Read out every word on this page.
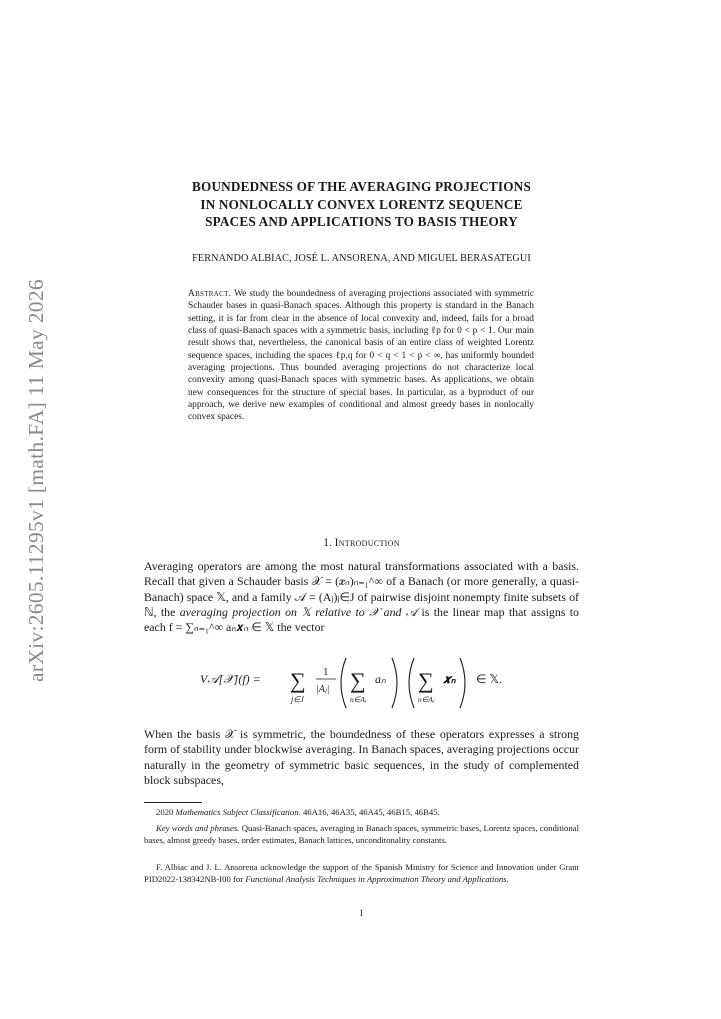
arXiv:2605.11295v1 [math.FA] 11 May 2026
BOUNDEDNESS OF THE AVERAGING PROJECTIONS
IN NONLOCALLY CONVEX LORENTZ SEQUENCE
SPACES AND APPLICATIONS TO BASIS THEORY
FERNANDO ALBIAC, JOSÉ L. ANSORENA, AND MIGUEL BERASATEGUI
Abstract. We study the boundedness of averaging projections associated with symmetric Schauder bases in quasi-Banach spaces. Although this property is standard in the Banach setting, it is far from clear in the absence of local convexity and, indeed, fails for a broad class of quasi-Banach spaces with a symmetric basis, including ℓp for 0 < p < 1. Our main result shows that, nevertheless, the canonical basis of an entire class of weighted Lorentz sequence spaces, including the spaces ℓp,q for 0 < q < 1 < p < ∞, has uniformly bounded averaging projections. Thus bounded averaging projections do not characterize local convexity among quasi-Banach spaces with symmetric bases. As applications, we obtain new consequences for the structure of special bases. In particular, as a byproduct of our approach, we derive new examples of conditional and almost greedy bases in nonlocally convex spaces.
1. Introduction
Averaging operators are among the most natural transformations associated with a basis. Recall that given a Schauder basis 𝒳 = (𝒙ₙ)ₙ₌₁^∞ of a Banach (or more generally, a quasi-Banach) space 𝕏, and a family 𝒜 = (Aⱼ)ⱼ∈J of pairwise disjoint nonempty finite subsets of ℕ, the averaging projection on 𝕏 relative to 𝒳 and 𝒜 is the linear map that assigns to each f = ∑ₙ₌₁^∞ aₙ𝒙ₙ ∈ 𝕏 the vector
V𝒜[𝒳](f) = ∑
j∈J
1
|Aⱼ| ∑
n∈Aⱼ
aₙ ∑
n∈Aⱼ
𝒙ₙ ∈ 𝕏.
When the basis 𝒳 is symmetric, the boundedness of these operators expresses a strong form of stability under blockwise averaging. In Banach spaces, averaging projections occur naturally in the geometry of symmetric basic sequences, in the study of complemented block subspaces,
2020 Mathematics Subject Classification. 46A16, 46A35, 46A45, 46B15, 46B45.
Key words and phrases. Quasi-Banach spaces, averaging in Banach spaces, symmetric bases, Lorentz spaces, conditional bases, almost greedy bases, order estimates, Banach lattices, unconditonality constants.
F. Albiac and J. L. Ansorena acknowledge the support of the Spanish Ministry for Science and Innovation under Grant PID2022-138342NB-I00 for Functional Analysis Techniques in Approximation Theory and Applications.
1
